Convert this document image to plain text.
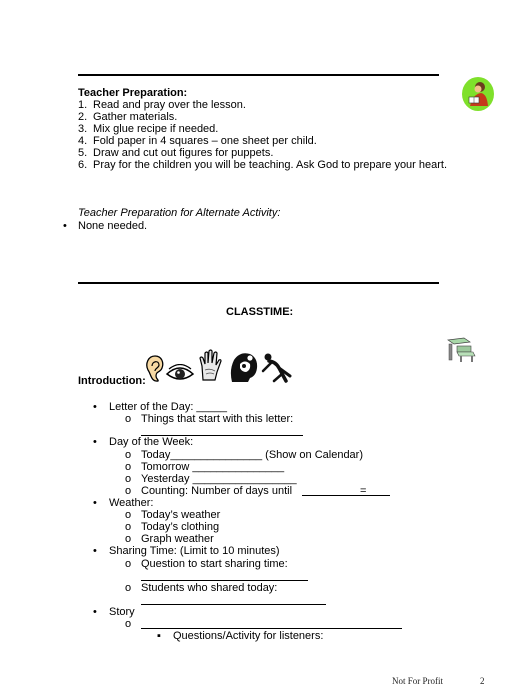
Teacher Preparation:
1. Read and pray over the lesson.
2. Gather materials.
3. Mix glue recipe if needed.
4. Fold paper in 4 squares – one sheet per child.
5. Draw and cut out figures for puppets.
6. Pray for the children you will be teaching. Ask God to prepare your heart.
Teacher Preparation for Alternate Activity:
• None needed.
CLASSTIME:
Introduction:
• Letter of the Day: _____
o Things that start with this letter:
• Day of the Week:
o Today_______________ (Show on Calendar)
o Tomorrow _______________
o Yesterday _________________
o Counting: Number of days until	=
• Weather:
o Today’s weather
o Today’s clothing
o Graph weather
• Sharing Time: (Limit to 10 minutes)
o Question to start sharing time:
o Students who shared today:
• Story
o
▪ Questions/Activity for listeners:
Not For Profit	2
